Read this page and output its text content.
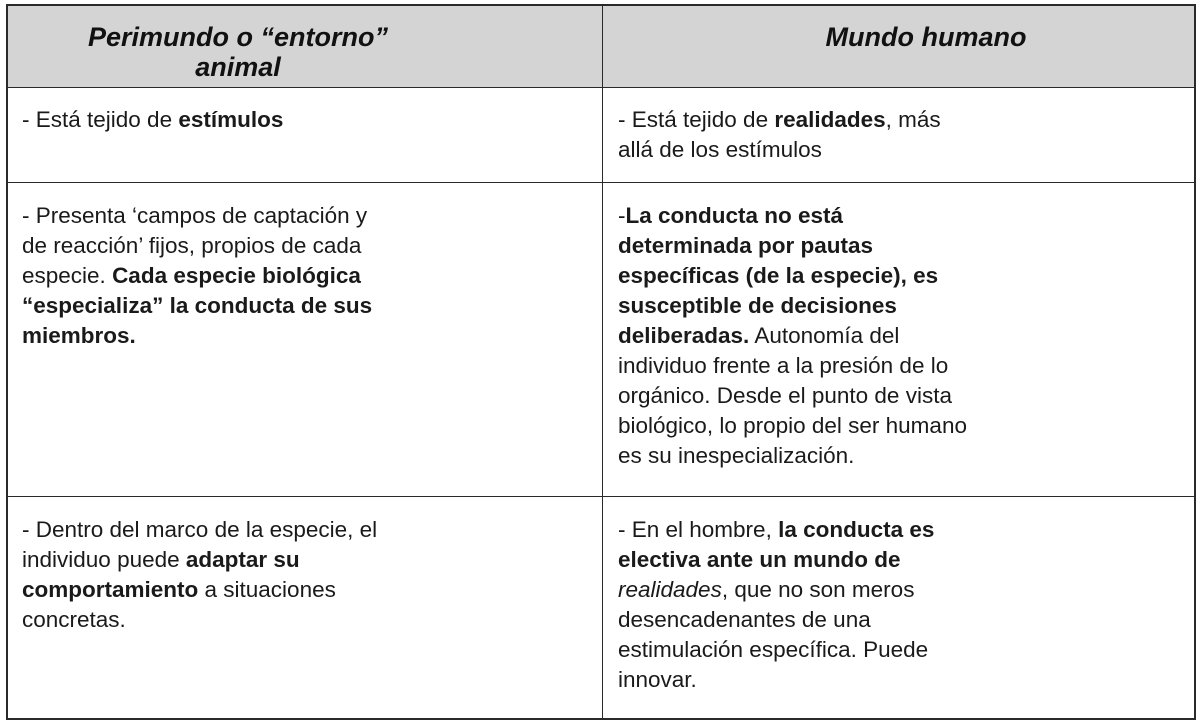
Perimundo o “entorno”
animal
Mundo humano
- Está tejido de estímulos	- Está tejido de realidades, más
allá de los estímulos
- Presenta ‘campos de captación y
de reacción’ fijos, propios de cada
especie. Cada especie biológica
“especializa” la conducta de sus
miembros.
-La conducta no está
determinada por pautas
específicas (de la especie), es
susceptible de decisiones
deliberadas. Autonomía del
individuo frente a la presión de lo
orgánico. Desde el punto de vista
biológico, lo propio del ser humano
es su inespecialización.
- Dentro del marco de la especie, el
individuo puede adaptar su
comportamiento a situaciones
concretas.
- En el hombre, la conducta es
electiva ante un mundo de
realidades, que no son meros
desencadenantes de una
estimulación específica. Puede
innovar.
